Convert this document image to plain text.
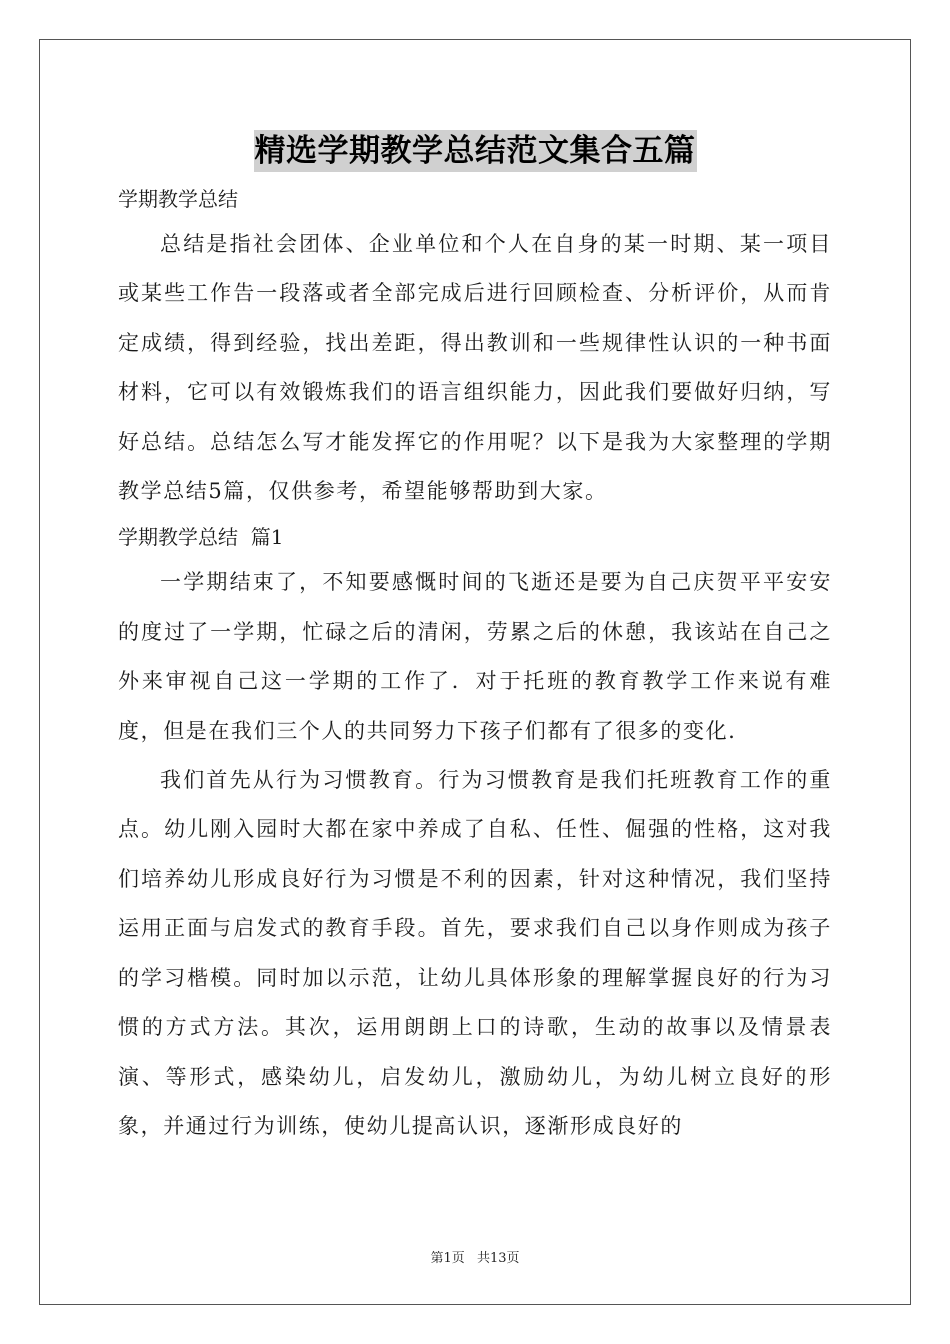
精选学期教学总结范文集合五篇

学期教学总结

总结是指社会团体、企业单位和个人在自身的某一时期、某一项目或某些工作告一段落或者全部完成后进行回顾检查、分析评价，从而肯定成绩，得到经验，找出差距，得出教训和一些规律性认识的一种书面材料，它可以有效锻炼我们的语言组织能力，因此我们要做好归纳，写好总结。总结怎么写才能发挥它的作用呢？以下是我为大家整理的学期教学总结5篇，仅供参考，希望能够帮助到大家。

学期教学总结  篇1

一学期结束了，不知要感慨时间的飞逝还是要为自己庆贺平平安安的度过了一学期，忙碌之后的清闲，劳累之后的休憩，我该站在自己之外来审视自己这一学期的工作了．对于托班的教育教学工作来说有难度，但是在我们三个人的共同努力下孩子们都有了很多的变化．

我们首先从行为习惯教育。行为习惯教育是我们托班教育工作的重点。幼儿刚入园时大都在家中养成了自私、任性、倔强的性格，这对我们培养幼儿形成良好行为习惯是不利的因素，针对这种情况，我们坚持运用正面与启发式的教育手段。首先，要求我们自己以身作则成为孩子的学习楷模。同时加以示范，让幼儿具体形象的理解掌握良好的行为习惯的方式方法。其次，运用朗朗上口的诗歌，生动的故事以及情景表演、等形式，感染幼儿，启发幼儿，激励幼儿，为幼儿树立良好的形象，并通过行为训练，使幼儿提高认识，逐渐形成良好的

第1页 共13页
